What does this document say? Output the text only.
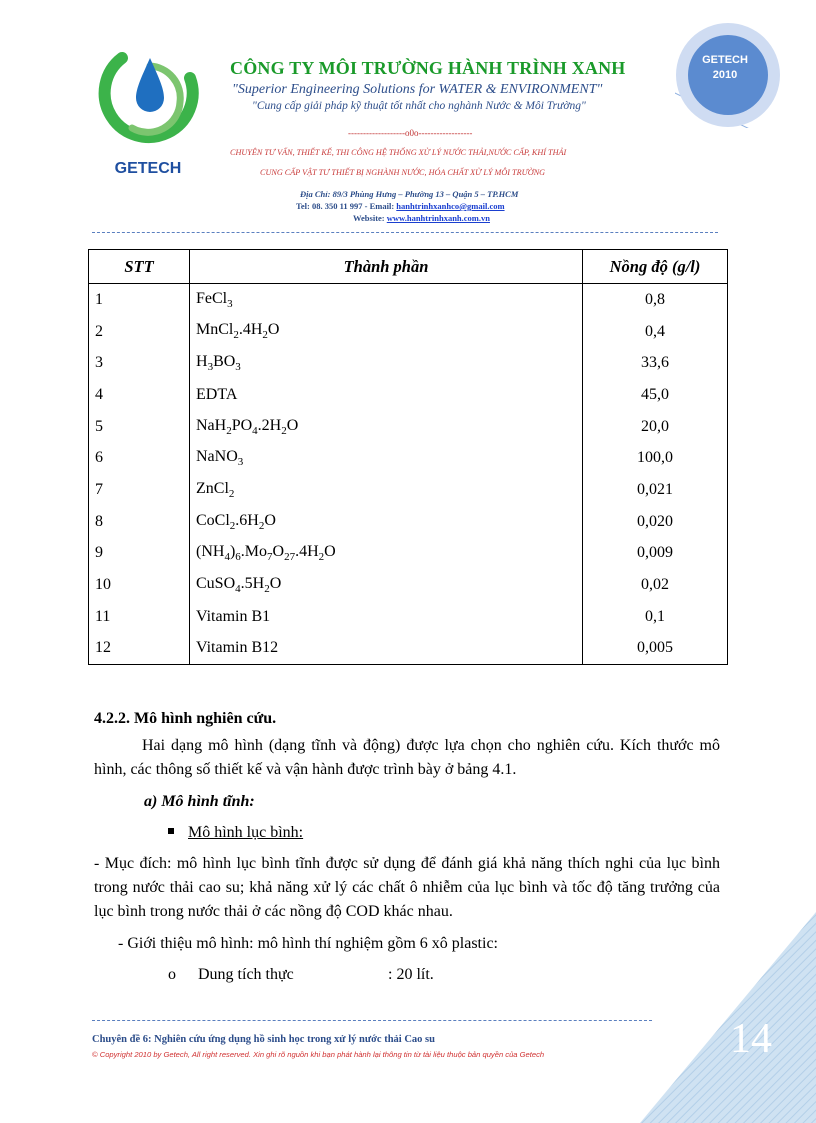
GETECH
CÔNG TY MÔI TRƯỜNG HÀNH TRÌNH XANH
"Superior Engineering Solutions for WATER & ENVIRONMENT"
"Cung cấp giải pháp kỹ thuật tốt nhất cho nghành Nước & Môi Trường"
-------------------o0o------------------
CHUYÊN TƯ VẤN, THIẾT KẾ, THI CÔNG HỆ THỐNG XỬ LÝ NƯỚC THẢI,NƯỚC CẤP, KHÍ THẢI
CUNG CẤP VẬT TƯ THIẾT BỊ NGHÀNH NƯỚC, HÓA CHẤT XỬ LÝ MÔI TRƯỜNG
Địa Chỉ: 89/3 Phùng Hưng – Phường 13 – Quận 5 – TP.HCM
Tel: 08. 350 11 997 - Email: hanhtrinhxanhco@gmail.com
Website: www.hanhtrinhxanh.com.vn
GETECH
2010
STT	Thành phần	Nồng độ (g/l)
1	FeCl$_3$	0,8
2	$MnCl_2.4H_2O$	0,4
3	$H_3BO_3$	33,6
4	EDTA	45,0
5	$NaH_2PO_4.2H_2O$	20,0
6	NaNO$_3$	100,0
7	ZnCl$_2$	0,021
8	$CoCl_2.6H_2O$	0,020
9	$(NH_4)_6.Mo_7O_{27}.4H_2O$	0,009
10	$CuSO_4.5H_2O$	0,02
11	Vitamin B1	0,1
12	Vitamin B12	0,005
4.2.2. Mô hình nghiên cứu.
Hai dạng mô hình (dạng tĩnh và động) được lựa chọn cho nghiên cứu. Kích thước mô hình, các thông số thiết kế và vận hành được trình bày ở bảng 4.1.
a) Mô hình tĩnh:
Mô hình lục bình:
- Mục đích: mô hình lục bình tĩnh được sử dụng để đánh giá khả năng thích nghi của lục bình trong nước thải cao su; khả năng xử lý các chất ô nhiễm của lục bình và tốc độ tăng trưởng của lục bình trong nước thải ở các nồng độ COD khác nhau.
- Giới thiệu mô hình: mô hình thí nghiệm gồm 6 xô plastic:
o Dung tích thực	: 20 lít.
Chuyên đề 6: Nghiên cứu ứng dụng hồ sinh học trong xử lý nước thải Cao su
© Copyright 2010 by Getech, All right reserved. Xin ghi rõ nguồn khi bạn phát hành lại thông tin từ tài liệu thuộc bản quyền của Getech	14
